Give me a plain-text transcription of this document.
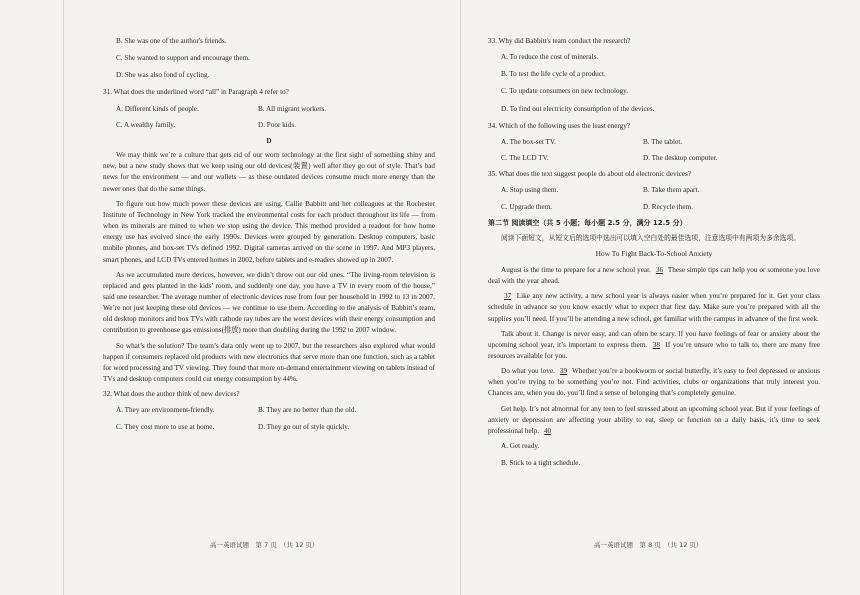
B. She was one of the author's friends.
C. She wanted to support and encourage them.
D. She was also fond of cycling.
31. What does the underlined word “all” in Paragraph 4 refer to?
A. Different kinds of people.	B. All migrant workers.
C. A wealthy family.	D. Poor kids.
D
We may think we’re a culture that gets rid of our worn technology at the first sight of something shiny and new, but a new study shows that we keep using our old devices(装置) well after they go out of style. That’s bad news for the environment — and our wallets — as these outdated devices consume much more energy than the newer ones that do the same things.
To figure out how much power these devices are using, Callie Babbitt and her colleagues at the Rochester Institute of Technology in New York tracked the environmental costs for each product throughout its life — from when its minerals are mined to when we stop using the device. This method provided a readout for how home energy use has evolved since the early 1990s. Devices were grouped by generation. Desktop computers, basic mobile phones, and box-set TVs defined 1992. Digital cameras arrived on the scene in 1997. And MP3 players, smart phones, and LCD TVs entered homes in 2002, before tablets and e-readers showed up in 2007.
As we accumulated more devices, however, we didn’t throw out our old ones. “The living-room television is replaced and gets planted in the kids’ room, and suddenly one day, you have a TV in every room of the house,” said one researcher. The average number of electronic devices rose from four per household in 1992 to 13 in 2007. We’re not just keeping these old devices — we continue to use them. According to the analysis of Babbitt’s team, old desktop monitors and box TVs with cathode ray tubes are the worst devices with their energy consumption and contribution to greenhouse gas emissions(排放) more than doubling during the 1992 to 2007 window.
So what’s the solution? The team’s data only went up to 2007, but the researchers also explored what would happen if consumers replaced old products with new electronics that serve more than one function, such as a tablet for word processing and TV viewing. They found that more on-demand entertainment viewing on tablets instead of TVs and desktop computers could cut energy consumption by 44%.
32. What does the author think of new devices?
A. They are environment-friendly.	B. They are no better than the old.
C. They cost more to use at home.	D. They go out of style quickly.
高一英语试题　第 7 页　（共 12 页）
33. Why did Babbitt's team conduct the research?
A. To reduce the cost of minerals.
B. To test the life cycle of a product.
C. To update consumers on new technology.
D. To find out electricity consumption of the devices.
34. Which of the following uses the least energy?
A. The box-set TV.	B. The tablet.
C. The LCD TV.	D. The desktop computer.
35. What does the text suggest people do about old electronic devices?
A. Stop using them.	B. Take them apart.
C. Upgrade them.	D. Recycle them.
第二节 阅读填空（共 5 小题；每小题 2.5 分，满分 12.5 分）
阅读下面短文，从短文后的选项中选出可以填入空白处的最佳选项，注意选项中有两项为多余选项。
How To Fight Back-To-School Anxiety
August is the time to prepare for a new school year. 36 These simple tips can help you or someone you love deal with the year ahead.
37 Like any new activity, a new school year is always easier when you’re prepared for it. Get your class schedule in advance so you know exactly what to expect that first day. Make sure you’re prepared with all the supplies you’ll need. If you’ll be attending a new school, get familiar with the campus in advance of the first week.
Talk about it. Change is never easy, and can often be scary. If you have feelings of fear or anxiety about the upcoming school year, it’s important to express them. 38 If you’re unsure who to talk to, there are many free resources available for you.
Do what you love. 39 Whether you’re a bookworm or social butterfly, it’s easy to feel depressed or anxious when you’re trying to be something you’re not. Find activities, clubs or organizations that truly interest you. Chances are, when you do, you’ll find a sense of belonging that’s completely genuine.
Get help. It’s not abnormal for any teen to feel stressed about an upcoming school year. But if your feelings of anxiety or depression are affecting your ability to eat, sleep or function on a daily basis, it’s time to seek professional help. 40
A. Get ready.
B. Stick to a tight schedule.
高一英语试题　第 8 页　（共 12 页）
